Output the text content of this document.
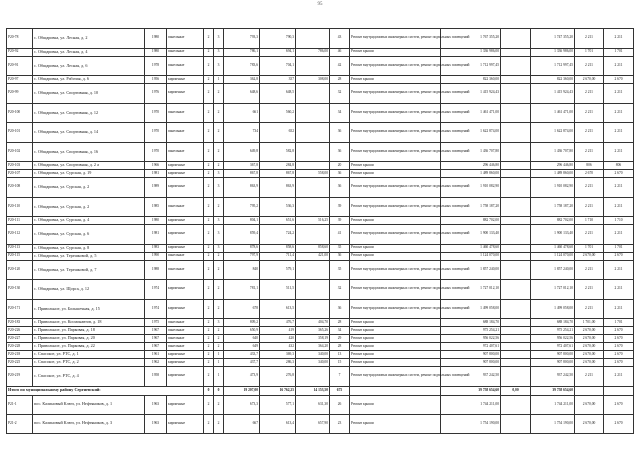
95
Р20-78	с. Общаровка, ул. Лесная, д. 2	1980	панельные	2	3	793,3	790,3		43	Ремонт внутридомовых инженерных систем, ремонт подвальных помещений	1 767 355,20		1 747 355,20	2 211	2 211
Р20-92	с. Общаровка, ул. Лесная, д. 4	1980	панельные	2	3	786,1	694,1	786,00	46	Ремонт крыши	1 336 986,00		1 336 986,00	1 701	1 701
Р20-91	с. Общаровка, ул. Лесная, д. 6	1978	панельные	2	3	783,6	704,1		42	Ремонт внутридомовых инженерных систем, ремонт подвальных помещений	1 712 997,45		1 712 997,45	2 211	2 211
Р20-97	с. Общаровка, ул. Рабочая, д. 6	1956	кирпичные	2	1	362,8	357	308,00	28	Ремонт крыши	822 360,00		822 360,00	2 670,00	2 670
Р20-99	с. Общаровка, ул. Спортивная, д. 10	1976	кирпичные	2	2	648,6	648,5		32	Ремонт внутридомовых инженерных систем, ремонт подвальных помещений	1 415 924,43		1 415 924,43	2 211	2 211
Р20-100	с. Общаровка, ул. Спортивная, д. 12	1970	панельные	2	2	661	560,2		34	Ремонт внутридомовых инженерных систем, ремонт подвальных помещений	1 461 471,00		1 461 471,00	2 211	2 211
Р20-101	с. Общаровка, ул. Спортивная, д. 14	1970	панельные	2	2	734	652		36	Ремонт внутридомовых инженерных систем, ремонт подвальных помещений	1 622 874,00		1 622 874,00	2 211	2 211
Р20-102	с. Общаровка, ул. Спортивная, д. 16	1970	панельные	2	2	649,8	582,8		36	Ремонт внутридомовых инженерных систем, ремонт подвальных помещений	1 436 707,80		1 436 707,80	2 211	2 211
Р20-103	с. Общаровка, ул. Спортивная, д. 2 а	1966	кирпичные	2	2	367,8	284,8		20	Ремонт крыши	296 446,80		296 446,80	806	806
Р20-107	с. Общаровка, ул. Сурская, д. 19	1981	кирпичные	2	3	867,8	867,8	558,00	36	Ремонт крыши	1 489 860,00		1 489 860,00	2 670	2 670
Р20-108	с. Общаровка, ул. Сурская, д. 2	1989	кирпичные	2	3	863,9	863,9		36	Ремонт внутридомовых инженерных систем, ремонт подвальных помещений	1 910 082,90		1 910 082,90	2 211	2 211
Р20-110	с. Общаровка, ул. Сурская, д. 2	1985	панельные	2	2	795,2	536,3		39	Ремонт внутридомовых инженерных систем, ремонт подвальных помещений	1 758 187,20		1 758 187,20	2 211	2 211
Р20-111	с. Общаровка, ул. Сурская, д. 4	1980	кирпичные	2	3	804,1	651,6	516,25	39	Ремонт крыши	882 702,00		882 702,00	1 710	1 710
Р20-112	с. Общаровка, ул. Сурская, д. 6	1981	кирпичные	2	3	859,4	724,2		41	Ремонт внутридомовых инженерных систем, ремонт подвальных помещений	1 900 133,40		1 900 133,40	2 211	2 211
Р20-113	с. Общаровка, ул. Сурская, д. 8	1983	кирпичные	2	3	878,6	858,6	858,60	35	Ремонт крыши	1 460 478,60		1 460 478,60	1 701	1 701
Р20-115	с. Общаровка, ул. Терешковой, д. 5	1990	панельные	2	2	797,9	711,4	421,00	36	Ремонт крыши	1 124 070,00		1 124 070,00	2 670,00	2 670
Р20-120	с. Общаровка, ул. Терешковой, д. 7	1988	панельные	2	2	840	579,1		35	Ремонт внутридомовых инженерных систем, ремонт подвальных помещений	1 857 240,00		1 857 240,00	2 211	2 211
Р20-130	с. Общаровка, ул. Щорса, д. 12	1974	кирпичные	2	2	781,1	511,5		32	Ремонт внутридомовых инженерных систем, ремонт подвальных помещений	1 727 012,10		1 727 012,10	2 211	2 211
Р20-171	с. Привольное, ул. Большечная, д. 15	1974	кирпичные	2	2	678	613,5		36	Ремонт внутридомовых инженерных систем, ремонт подвальных помещений	1 499 058,00		1 499 058,00	2 211	2 211
Р20-183	с. Привольное, ул. Космонавтов, д. 18	1975	панельные	2	3	809,2	476,7	404,70	28	Ремонт крыши	688 184,70		688 184,70	1 701,00	1 701
Р20-226	с. Привольное, ул. Парковая, д. 18	1967	панельные	2	2	650,9	419	365,26	34	Ремонт крыши	975 254,21		975 254,21	2 670,00	2 670
Р20-227	с. Привольное, ул. Парковая, д. 20	1967	панельные	2	2	640	420	358,19	29	Ремонт крыши	956 022,56		956 022,56	2 670,00	2 670
Р20-228	с. Привольное, ул. Парковая, д. 22	1967	панельные	2	2	649	432	364,20	28	Ремонт крыши	972 407,61		972 407,61	2 670,00	2 670
Р20-218	с. Спасское, ул. РТС, д. 1	1961	кирпичные	2	1	433,7	369,3	340,00	13	Ремонт крыши	907 800,00		907 800,00	2 670,00	2 670
Р20-225	с. Спасское, ул. РТС, д. 2	1962	кирпичные	2	1	437,7	286,3	340,00	15	Ремонт крыши	907 800,00		907 800,00	2 670,00	2 670
Р20-219	с. Спасское, ул. РТС, д. 4	1958	кирпичные	2	1	473,9	276,8		7	Ремонт внутридомовых инженерных систем, ремонт подвальных помещений	937 242,50		937 242,50	2 211	2 211
Итого по муниципальному району Сергиевский:				0	0	19 207,00	16 762,25	14 153,50	675		39 758 654,60	0,00	39 758 654,60		
Р21-1	пос. Калиновый Ключ, ул. Нефтяников, д. 1	1963	кирпичные	2	2	673,3	577,1	631,30	26	Ремонт крыши	1 744 211,00		1 744 211,00	2 670,00	2 670
Р21-2	пос. Калиновый Ключ, ул. Нефтяников, д. 3	1963	кирпичные	2	2	667	613,4	657,90	23	Ремонт крыши	1 754 190,00		1 754 190,00	2 670,00	2 670
